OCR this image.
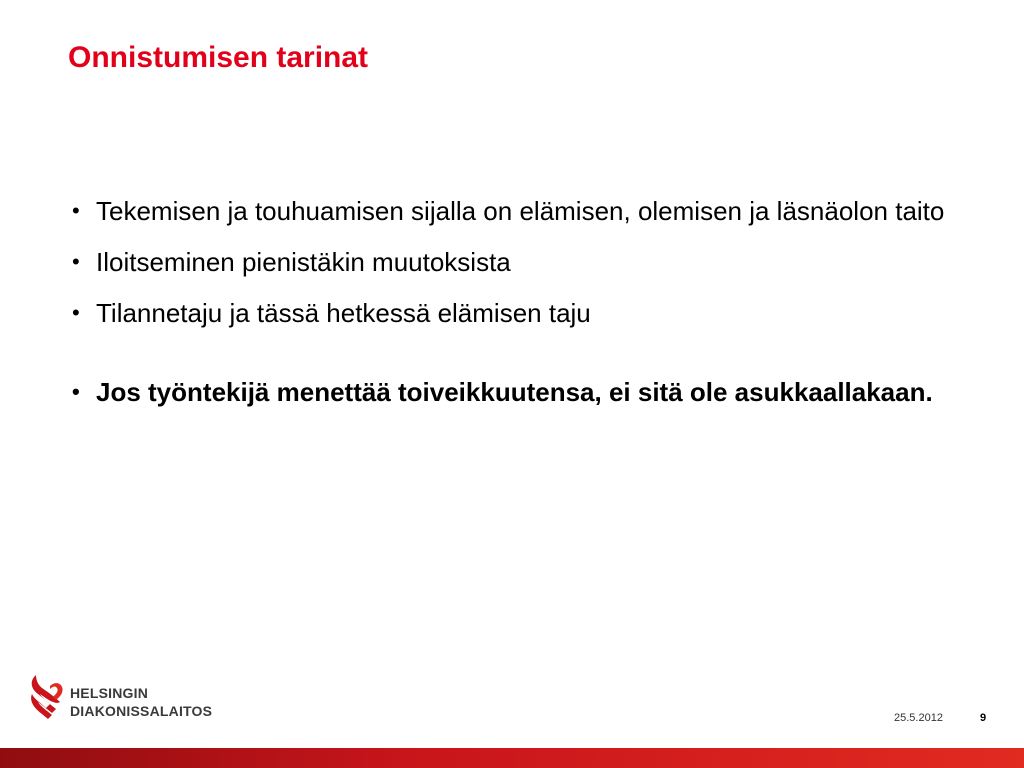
Onnistumisen tarinat
• Tekemisen ja touhuamisen sijalla on elämisen, olemisen ja läsnäolon taito
• Iloitseminen pienistäkin muutoksista
• Tilannetaju ja tässä hetkessä elämisen taju
• Jos työntekijä menettää toiveikkuutensa, ei sitä ole asukkaallakaan.
HELSINGIN
DIAKONISSALAITOS	25.5.2012	9
